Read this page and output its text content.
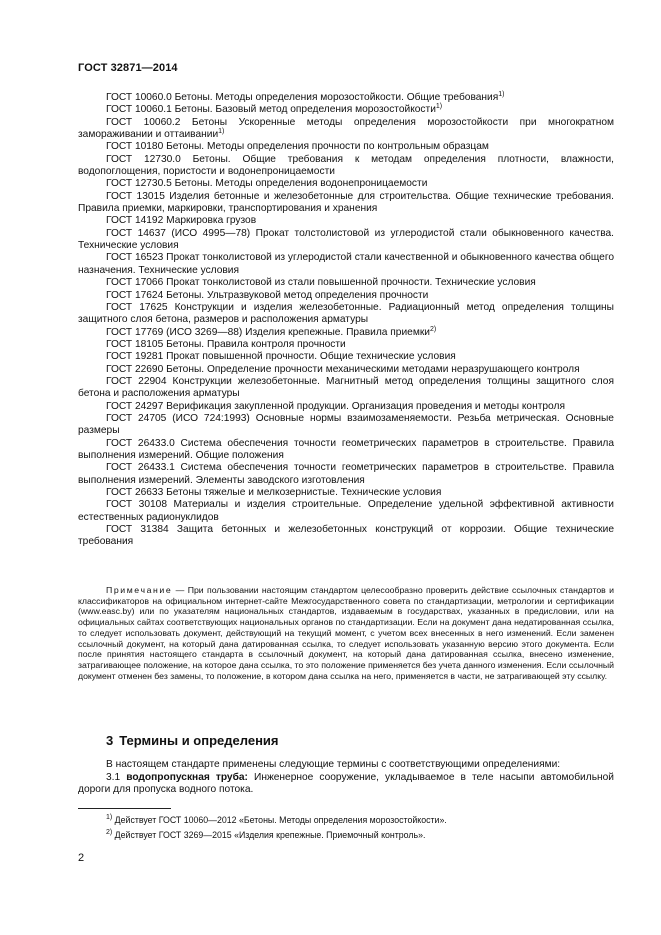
ГОСТ 32871—2014

ГОСТ 10060.0 Бетоны. Методы определения морозостойкости. Общие требования$^{1)}$

ГОСТ 10060.1 Бетоны. Базовый метод определения морозостойкости$^{1)}$

ГОСТ 10060.2 Бетоны Ускоренные методы определения морозостойкости при многократном замораживании и оттаивании$^{1)}$

ГОСТ 10180 Бетоны. Методы определения прочности по контрольным образцам

ГОСТ 12730.0 Бетоны. Общие требования к методам определения плотности, влажности, водопоглощения, пористости и водонепроницаемости

ГОСТ 12730.5 Бетоны. Методы определения водонепроницаемости

ГОСТ 13015 Изделия бетонные и железобетонные для строительства. Общие технические требования. Правила приемки, маркировки, транспортирования и хранения

ГОСТ 14192 Маркировка грузов

ГОСТ 14637 (ИСО 4995—78) Прокат толстолистовой из углеродистой стали обыкновенного качества. Технические условия

ГОСТ 16523 Прокат тонколистовой из углеродистой стали качественной и обыкновенного качества общего назначения. Технические условия

ГОСТ 17066 Прокат тонколистовой из стали повышенной прочности. Технические условия

ГОСТ 17624 Бетоны. Ультразвуковой метод определения прочности

ГОСТ 17625 Конструкции и изделия железобетонные. Радиационный метод определения толщины защитного слоя бетона, размеров и расположения арматуры

ГОСТ 17769 (ИСО 3269—88) Изделия крепежные. Правила приемки$^{2)}$

ГОСТ 18105 Бетоны. Правила контроля прочности

ГОСТ 19281 Прокат повышенной прочности. Общие технические условия

ГОСТ 22690 Бетоны. Определение прочности механическими методами неразрушающего контроля

ГОСТ 22904 Конструкции железобетонные. Магнитный метод определения толщины защитного слоя бетона и расположения арматуры

ГОСТ 24297 Верификация закупленной продукции. Организация проведения и методы контроля

ГОСТ 24705 (ИСО 724:1993) Основные нормы взаимозаменяемости. Резьба метрическая. Основные размеры

ГОСТ 26433.0 Система обеспечения точности геометрических параметров в строительстве. Правила выполнения измерений. Общие положения

ГОСТ 26433.1 Система обеспечения точности геометрических параметров в строительстве. Правила выполнения измерений. Элементы заводского изготовления

ГОСТ 26633 Бетоны тяжелые и мелкозернистые. Технические условия

ГОСТ 30108 Материалы и изделия строительные. Определение удельной эффективной активности естественных радионуклидов

ГОСТ 31384 Защита бетонных и железобетонных конструкций от коррозии. Общие технические требования

Примечание — При пользовании настоящим стандартом целесообразно проверить действие ссылочных стандартов и классификаторов на официальном интернет-сайте Межгосударственного совета по стандартизации, метрологии и сертификации (www.easc.by) или по указателям национальных стандартов, издаваемым в государствах, указанных в предисловии, или на официальных сайтах соответствующих национальных органов по стандартизации. Если на документ дана недатированная ссылка, то следует использовать документ, действующий на текущий момент, с учетом всех внесенных в него изменений. Если заменен ссылочный документ, на который дана датированная ссылка, то следует использовать указанную версию этого документа. Если после принятия настоящего стандарта в ссылочный документ, на который дана датированная ссылка, внесено изменение, затрагивающее положение, на которое дана ссылка, то это положение применяется без учета данного изменения. Если ссылочный документ отменен без замены, то положение, в котором дана ссылка на него, применяется в части, не затрагивающей эту ссылку.

3 Термины и определения

В настоящем стандарте применены следующие термины с соответствующими определениями:

3.1 водопропускная труба: Инженерное сооружение, укладываемое в теле насыпи автомобильной дороги для пропуска водного потока.

$^{1)}$ Действует ГОСТ 10060—2012 «Бетоны. Методы определения морозостойкости».

$^{2)}$ Действует ГОСТ 3269—2015 «Изделия крепежные. Приемочный контроль».

2
